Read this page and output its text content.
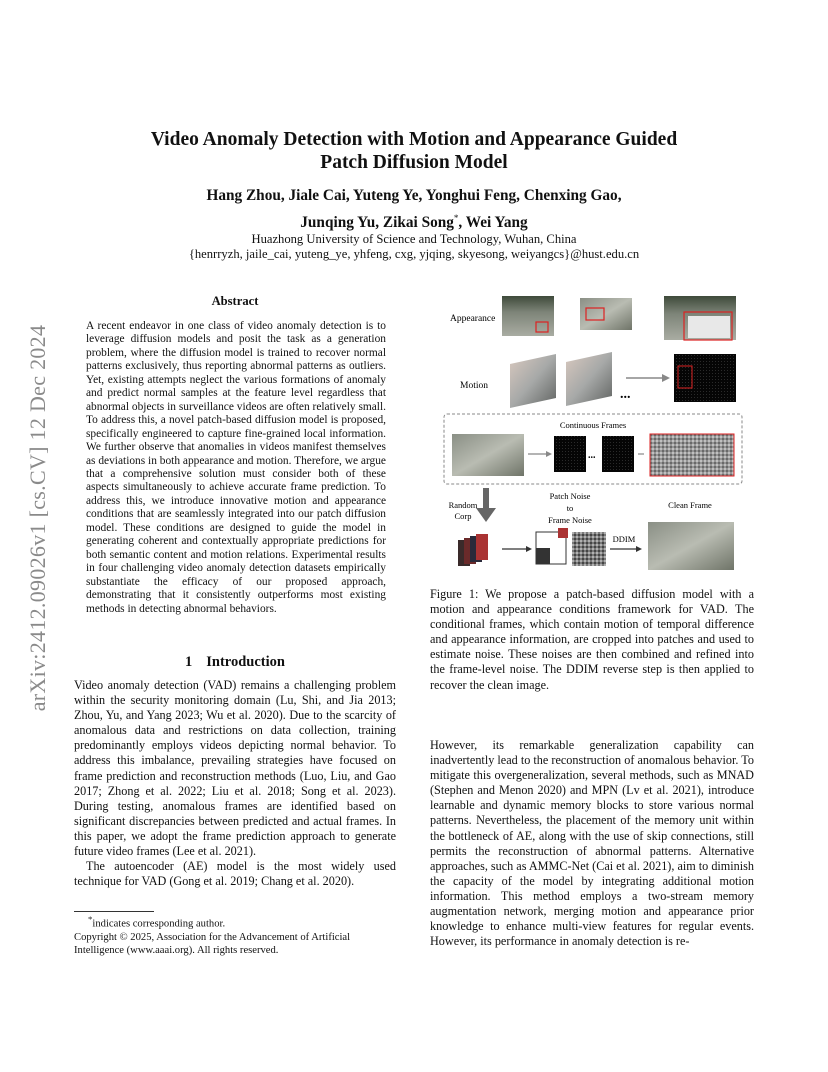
arXiv:2412.09026v1 [cs.CV] 12 Dec 2024
Video Anomaly Detection with Motion and Appearance Guided
Patch Diffusion Model
Hang Zhou, Jiale Cai, Yuteng Ye, Yonghui Feng, Chenxing Gao,
Junqing Yu, Zikai Song*, Wei Yang
Huazhong University of Science and Technology, Wuhan, China
{henrryzh, jaile_cai, yuteng_ye, yhfeng, cxg, yjqing, skyesong, weiyangcs}@hust.edu.cn
Abstract
A recent endeavor in one class of video anomaly detection is to leverage diffusion models and posit the task as a generation problem, where the diffusion model is trained to recover normal patterns exclusively, thus reporting abnormal patterns as outliers. Yet, existing attempts neglect the various formations of anomaly and predict normal samples at the feature level regardless that abnormal objects in surveillance videos are often relatively small. To address this, a novel patch-based diffusion model is proposed, specifically engineered to capture fine-grained local information. We further observe that anomalies in videos manifest themselves as deviations in both appearance and motion. Therefore, we argue that a comprehensive solution must consider both of these aspects simultaneously to achieve accurate frame prediction. To address this, we introduce innovative motion and appearance conditions that are seamlessly integrated into our patch diffusion model. These conditions are designed to guide the model in generating coherent and contextually appropriate predictions for both semantic content and motion relations. Experimental results in four challenging video anomaly detection datasets empirically substantiate the efficacy of our proposed approach, demonstrating that it consistently outperforms most existing methods in detecting abnormal behaviors.
1 Introduction

Video anomaly detection (VAD) remains a challenging problem within the security monitoring domain (Lu, Shi, and Jia 2013; Zhou, Yu, and Yang 2023; Wu et al. 2020). Due to the scarcity of anomalous data and restrictions on data collection, training predominantly employs videos depicting normal behavior. To address this imbalance, prevailing strategies have focused on frame prediction and reconstruction methods (Luo, Liu, and Gao 2017; Zhong et al. 2022; Liu et al. 2018; Song et al. 2023). During testing, anomalous frames are identified based on significant discrepancies between predicted and actual frames. In this paper, we adopt the frame prediction approach to generate future video frames (Lee et al. 2021).

The autoencoder (AE) model is the most widely used technique for VAD (Gong et al. 2019; Chang et al. 2020).

*indicates corresponding author.
Copyright © 2025, Association for the Advancement of Artificial Intelligence (www.aaai.org). All rights reserved.
Appearance
Motion
...
Continuous Frames
...
Random
Corp
Patch Noise
to
Frame Noise
Clean Frame
DDIM
Figure 1: We propose a patch-based diffusion model with a motion and appearance conditions framework for VAD. The conditional frames, which contain motion of temporal difference and appearance information, are cropped into patches and used to estimate noise. These noises are then combined and refined into the frame-level noise. The DDIM reverse step is then applied to recover the clean image.
However, its remarkable generalization capability can inadvertently lead to the reconstruction of anomalous behavior. To mitigate this overgeneralization, several methods, such as MNAD (Stephen and Menon 2020) and MPN (Lv et al. 2021), introduce learnable and dynamic memory blocks to store various normal patterns. Nevertheless, the placement of the memory unit within the bottleneck of AE, along with the use of skip connections, still permits the reconstruction of abnormal patterns. Alternative approaches, such as AMMC-Net (Cai et al. 2021), aim to diminish the capacity of the model by integrating additional motion information. This method employs a two-stream memory augmentation network, merging motion and appearance prior knowledge to enhance multi-view features for regular events. However, its performance in anomaly detection is re-
